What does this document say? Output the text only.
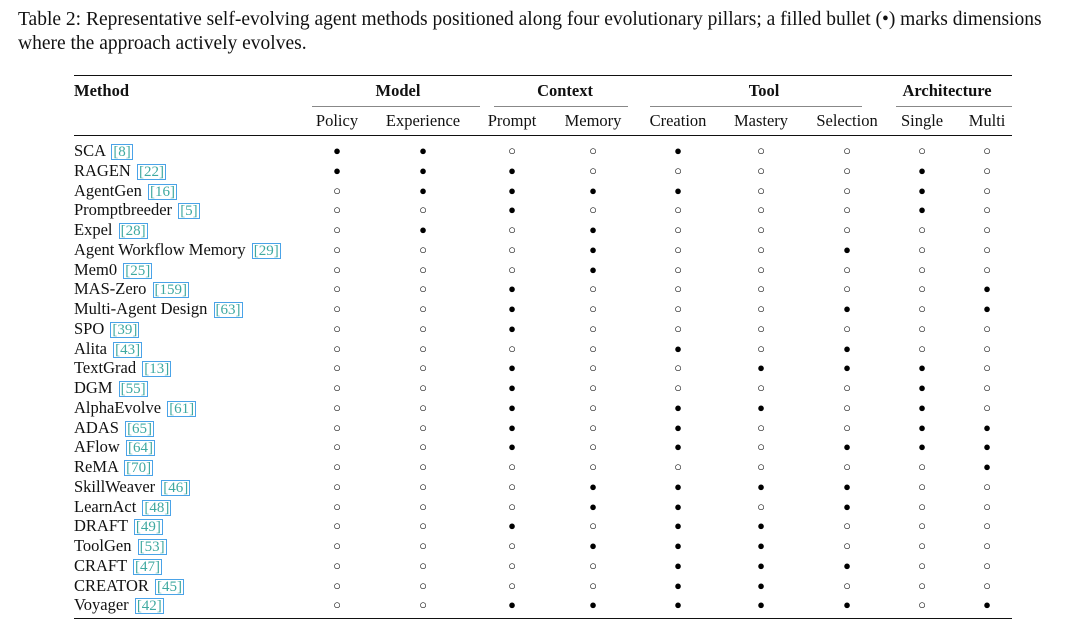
Table 2: Representative self-evolving agent methods positioned along four evolutionary pillars; a filled bullet (•) marks dimensions where the approach actively evolves.
Method	Model		Context		Tool			Architecture	
	Policy	Experience	Prompt	Memory	Creation	Mastery	Selection	Single	Multi
SCA [8]	●	●	○	○	●	○	○	○	○
RAGEN [22]	●	●	●	○	○	○	○	●	○
AgentGen [16]	○	●	●	●	●	○	○	●	○
Promptbreeder [5]	○	○	●	○	○	○	○	●	○
Expel [28]	○	●	○	●	○	○	○	○	○
Agent Workflow Memory [29]	○	○	○	●	○	○	●	○	○
Mem0 [25]	○	○	○	●	○	○	○	○	○
MAS-Zero [159]	○	○	●	○	○	○	○	○	●
Multi-Agent Design [63]	○	○	●	○	○	○	●	○	●
SPO [39]	○	○	●	○	○	○	○	○	○
Alita [43]	○	○	○	○	●	○	●	○	○
TextGrad [13]	○	○	●	○	○	●	●	●	○
DGM [55]	○	○	●	○	○	○	○	●	○
AlphaEvolve [61]	○	○	●	○	●	●	○	●	○
ADAS [65]	○	○	●	○	●	○	○	●	●
AFlow [64]	○	○	●	○	●	○	●	●	●
ReMA [70]	○	○	○	○	○	○	○	○	●
SkillWeaver [46]	○	○	○	●	●	●	●	○	○
LearnAct [48]	○	○	○	●	●	○	●	○	○
DRAFT [49]	○	○	●	○	●	●	○	○	○
ToolGen [53]	○	○	○	●	●	●	○	○	○
CRAFT [47]	○	○	○	○	●	●	●	○	○
CREATOR [45]	○	○	○	○	●	●	○	○	○
Voyager [42]	○	○	●	●	●	●	●	○	●
